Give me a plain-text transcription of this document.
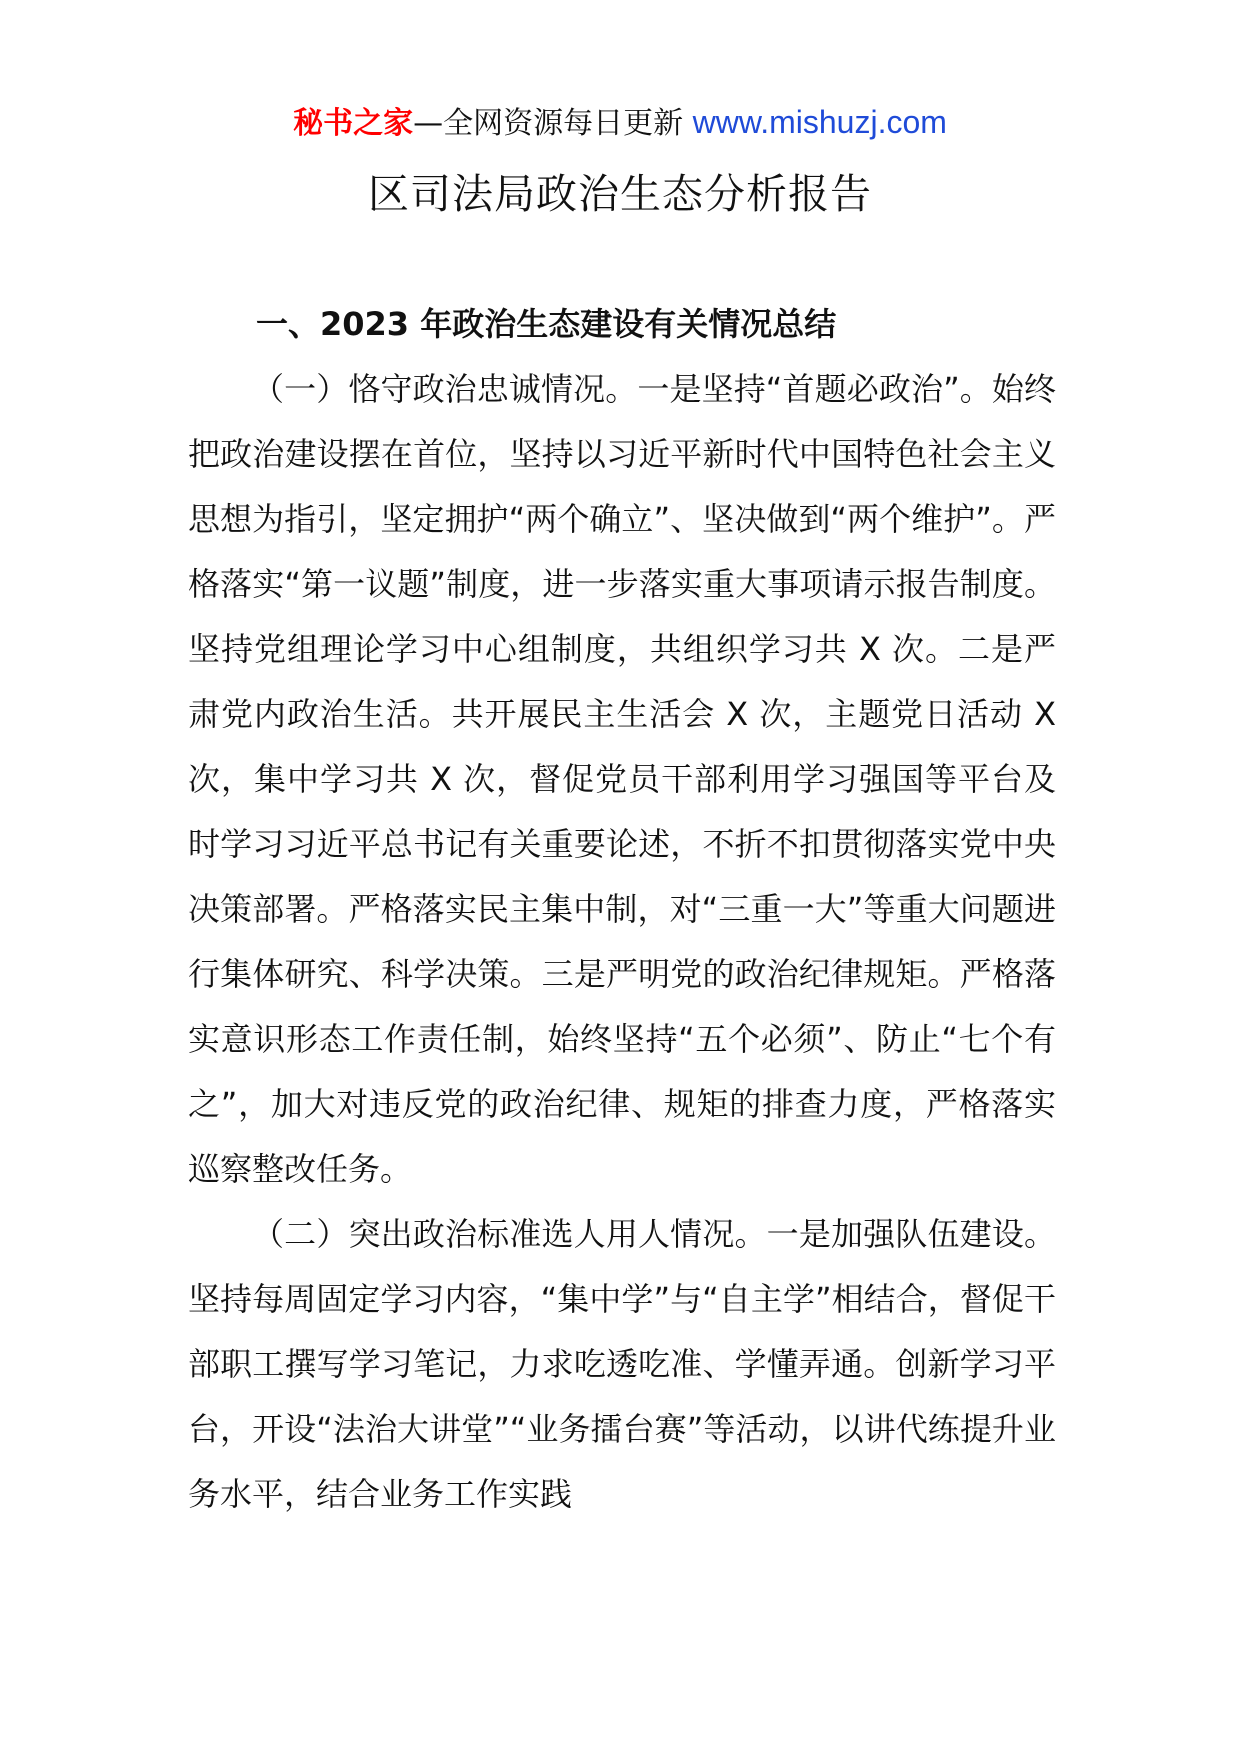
秘书之家—全网资源每日更新 www.mishuzj.com
区司法局政治生态分析报告

一、2023 年政治生态建设有关情况总结

（一）恪守政治忠诚情况。一是坚持“首题必政治”。始终把政治建设摆在首位，坚持以习近平新时代中国特色社会主义思想为指引，坚定拥护“两个确立”、坚决做到“两个维护”。严格落实“第一议题”制度，进一步落实重大事项请示报告制度。坚持党组理论学习中心组制度，共组织学习共 X 次。二是严肃党内政治生活。共开展民主生活会 X 次，主题党日活动 X 次，集中学习共 X 次，督促党员干部利用学习强国等平台及时学习习近平总书记有关重要论述，不折不扣贯彻落实党中央决策部署。严格落实民主集中制，对“三重一大”等重大问题进行集体研究、科学决策。三是严明党的政治纪律规矩。严格落实意识形态工作责任制，始终坚持“五个必须”、防止“七个有之”，加大对违反党的政治纪律、规矩的排查力度，严格落实巡察整改任务。

（二）突出政治标准选人用人情况。一是加强队伍建设。坚持每周固定学习内容，“集中学”与“自主学”相结合，督促干部职工撰写学习笔记，力求吃透吃准、学懂弄通。创新学习平台，开设“法治大讲堂”“业务擂台赛”等活动，以讲代练提升业务水平，结合业务工作实践
